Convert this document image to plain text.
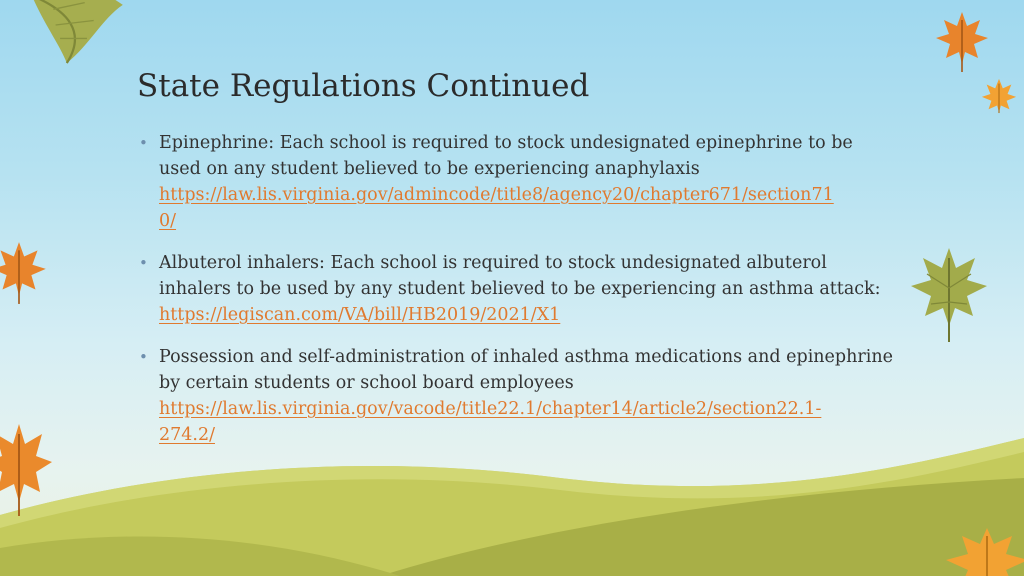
State Regulations Continued
• Epinephrine: Each school is required to stock undesignated epinephrine to be used on any student believed to be experiencing anaphylaxis
https://law.lis.virginia.gov/admincode/title8/agency20/chapter671/section71
0/
• Albuterol inhalers: Each school is required to stock undesignated albuterol inhalers to be used by any student believed to be experiencing an asthma attack:
https://legiscan.com/VA/bill/HB2019/2021/X1
• Possession and self-administration of inhaled asthma medications and epinephrine by certain students or school board employees
https://law.lis.virginia.gov/vacode/title22.1/chapter14/article2/section22.1-
274.2/
